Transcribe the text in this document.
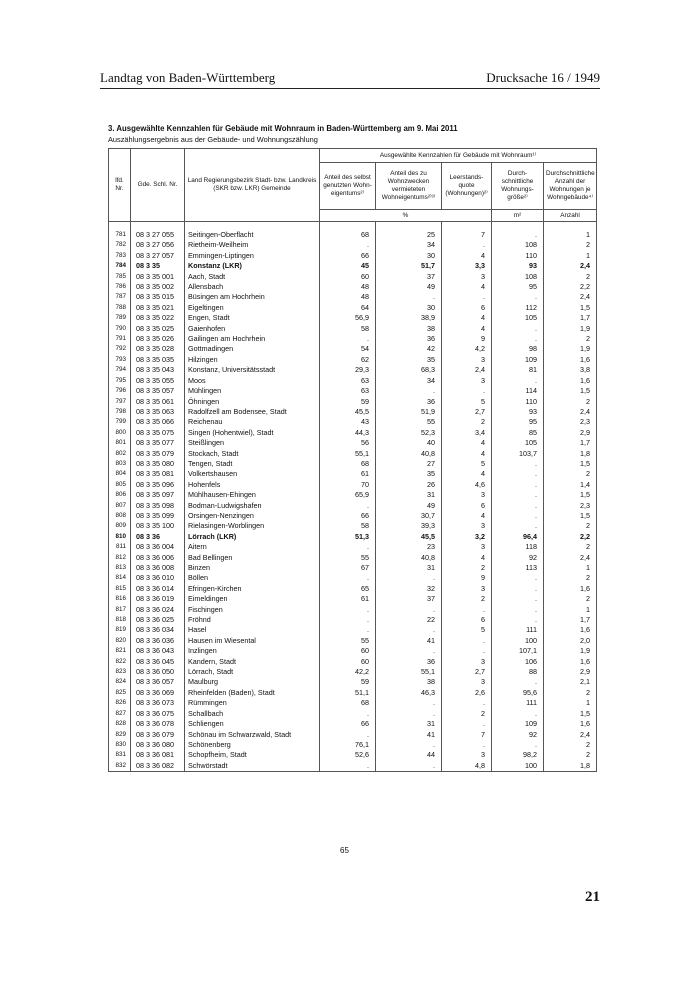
Landtag von Baden-Württemberg	Drucksache 16 / 1949
3. Ausgewählte Kennzahlen für Gebäude mit Wohnraum in Baden-Württemberg am 9. Mai 2011
Auszählungsergebnis aus der Gebäude- und Wohnungszählung
lfd. Nr.	Gde. Schl. Nr.	Land Regierungsbezirk Stadt- bzw. Landkreis (SKR bzw. LKR) Gemeinde	Ausgewählte Kennzahlen für Gebäude mit Wohnraum¹⁾				
			Anteil des selbst genutzten Wohn-eigentums²⁾	Anteil des zu Wohnzwecken vermieteten Wohneigentums²⁾³⁾	Leerstands-quote (Wohnungen)²⁾	Durch-schnittliche Wohnungs-größe²⁾	Durchschnittliche Anzahl der Wohnungen je Wohngebäude⁴⁾
			%			m²	Anzahl

781	08 3 27 055	Seitingen-Oberflacht	68	25	7	.	1
782	08 3 27 056	Rietheim-Weilheim	.	34	.	108	2
783	08 3 27 057	Emmingen-Liptingen	66	30	4	110	1
784	08 3 35	Konstanz (LKR)	45	51,7	3,3	93	2,4
785	08 3 35 001	Aach, Stadt	60	37	3	108	2
786	08 3 35 002	Allensbach	48	49	4	95	2,2
787	08 3 35 015	Büsingen am Hochrhein	48	.	.	.	2,4
788	08 3 35 021	Eigeltingen	64	30	6	112	1,5
789	08 3 35 022	Engen, Stadt	56,9	38,9	4	105	1,7
790	08 3 35 025	Gaienhofen	58	38	4	.	1,9
791	08 3 35 026	Gailingen am Hochrhein	.	36	9	.	2
792	08 3 35 028	Gottmadingen	54	42	4,2	98	1,9
793	08 3 35 035	Hilzingen	62	35	3	109	1,6
794	08 3 35 043	Konstanz, Universitätsstadt	29,3	68,3	2,4	81	3,8
795	08 3 35 055	Moos	63	34	3	.	1,6
796	08 3 35 057	Mühlingen	63	.	.	114	1,5
797	08 3 35 061	Öhningen	59	36	5	110	2
798	08 3 35 063	Radolfzell am Bodensee, Stadt	45,5	51,9	2,7	93	2,4
799	08 3 35 066	Reichenau	43	55	2	95	2,3
800	08 3 35 075	Singen (Hohentwiel), Stadt	44,3	52,3	3,4	85	2,9
801	08 3 35 077	Steißlingen	56	40	4	105	1,7
802	08 3 35 079	Stockach, Stadt	55,1	40,8	4	103,7	1,8
803	08 3 35 080	Tengen, Stadt	68	27	5	.	1,5
804	08 3 35 081	Volkertshausen	61	35	4	.	2
805	08 3 35 096	Hohenfels	70	26	4,6	.	1,4
806	08 3 35 097	Mühlhausen-Ehingen	65,9	31	3	.	1,5
807	08 3 35 098	Bodman-Ludwigshafen	.	49	6	.	2,3
808	08 3 35 099	Orsingen-Nenzingen	66	30,7	4	.	1,5
809	08 3 35 100	Rielasingen-Worblingen	58	39,3	3	.	2
810	08 3 36	Lörrach (LKR)	51,3	45,5	3,2	96,4	2,2
811	08 3 36 004	Aitern	.	23	3	118	2
812	08 3 36 006	Bad Bellingen	55	40,8	4	92	2,4
813	08 3 36 008	Binzen	67	31	2	113	1
814	08 3 36 010	Böllen	.	.	9	.	2
815	08 3 36 014	Efringen-Kirchen	65	32	3	.	1,6
816	08 3 36 019	Eimeldingen	61	37	2	.	2
817	08 3 36 024	Fischingen	.	.	.	.	1
818	08 3 36 025	Fröhnd	.	22	6	.	1,7
819	08 3 36 034	Hasel	.	.	5	111	1,6
820	08 3 36 036	Hausen im Wiesental	55	41	.	100	2,0
821	08 3 36 043	Inzlingen	60	.	.	107,1	1,9
822	08 3 36 045	Kandern, Stadt	60	36	3	106	1,6
823	08 3 36 050	Lörrach, Stadt	42,2	55,1	2,7	88	2,9
824	08 3 36 057	Maulburg	59	38	3	.	2,1
825	08 3 36 069	Rheinfelden (Baden), Stadt	51,1	46,3	2,6	95,6	2
826	08 3 36 073	Rümmingen	68	.	.	111	1
827	08 3 36 075	Schallbach	.	.	2	.	1,5
828	08 3 36 078	Schliengen	66	31	.	109	1,6
829	08 3 36 079	Schönau im Schwarzwald, Stadt	.	41	7	92	2,4
830	08 3 36 080	Schönenberg	76,1	.	.	.	2
831	08 3 36 081	Schopfheim, Stadt	52,6	44	3	98,2	2
832	08 3 36 082	Schwörstadt	.	.	4,8	100	1,8
65
21
